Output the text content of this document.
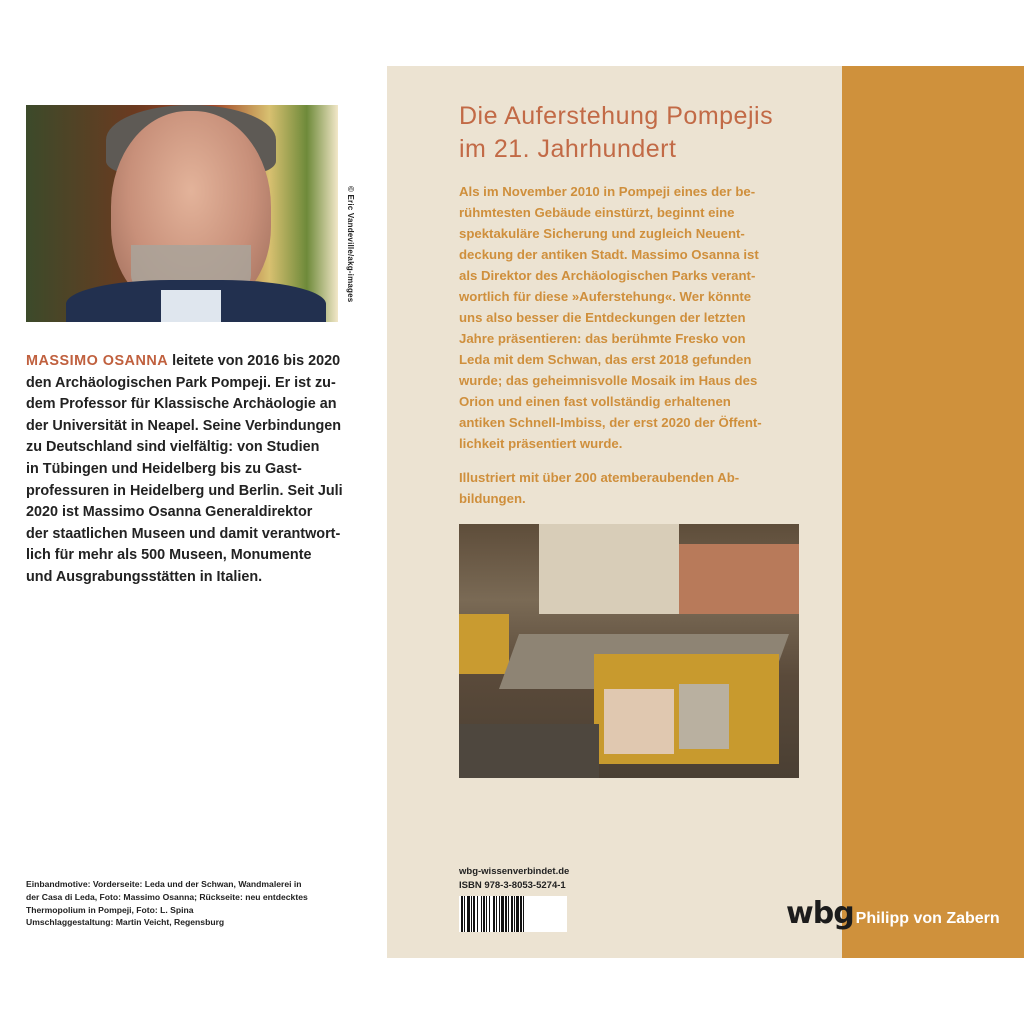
© Eric Vandeville/akg-images

MASSIMO OSANNA leitete von 2016 bis 2020
den Archäologischen Park Pompeji. Er ist zu-
dem Professor für Klassische Archäologie an
der Universität in Neapel. Seine Verbindungen
zu Deutschland sind vielfältig: von Studien
in Tübingen und Heidelberg bis zu Gast-
professuren in Heidelberg und Berlin. Seit Juli
2020 ist Massimo Osanna Generaldirektor
der staatlichen Museen und damit verantwort-
lich für mehr als 500 Museen, Monumente
und Ausgrabungsstätten in Italien.

Einbandmotive: Vorderseite: Leda und der Schwan, Wandmalerei in
der Casa di Leda, Foto: Massimo Osanna; Rückseite: neu entdecktes
Thermopolium in Pompeji, Foto: L. Spina
Umschlaggestaltung: Martin Veicht, Regensburg

Die Auferstehung Pompejis
im 21. Jahrhundert

Als im November 2010 in Pompeji eines der be-
rühmtesten Gebäude einstürzt, beginnt eine
spektakuläre Sicherung und zugleich Neuent-
deckung der antiken Stadt. Massimo Osanna ist
als Direktor des Archäologischen Parks verant-
wortlich für diese »Auferstehung«. Wer könnte
uns also besser die Entdeckungen der letzten
Jahre präsentieren: das berühmte Fresko von
Leda mit dem Schwan, das erst 2018 gefunden
wurde; das geheimnisvolle Mosaik im Haus des
Orion und einen fast vollständig erhaltenen
antiken Schnell-Imbiss, der erst 2020 der Öffent-
lichkeit präsentiert wurde.

Illustriert mit über 200 atemberaubenden Ab-
bildungen.

wbg-wissenverbindet.de

ISBN 978-3-8053-5274-1

wbg Philipp von Zabern
